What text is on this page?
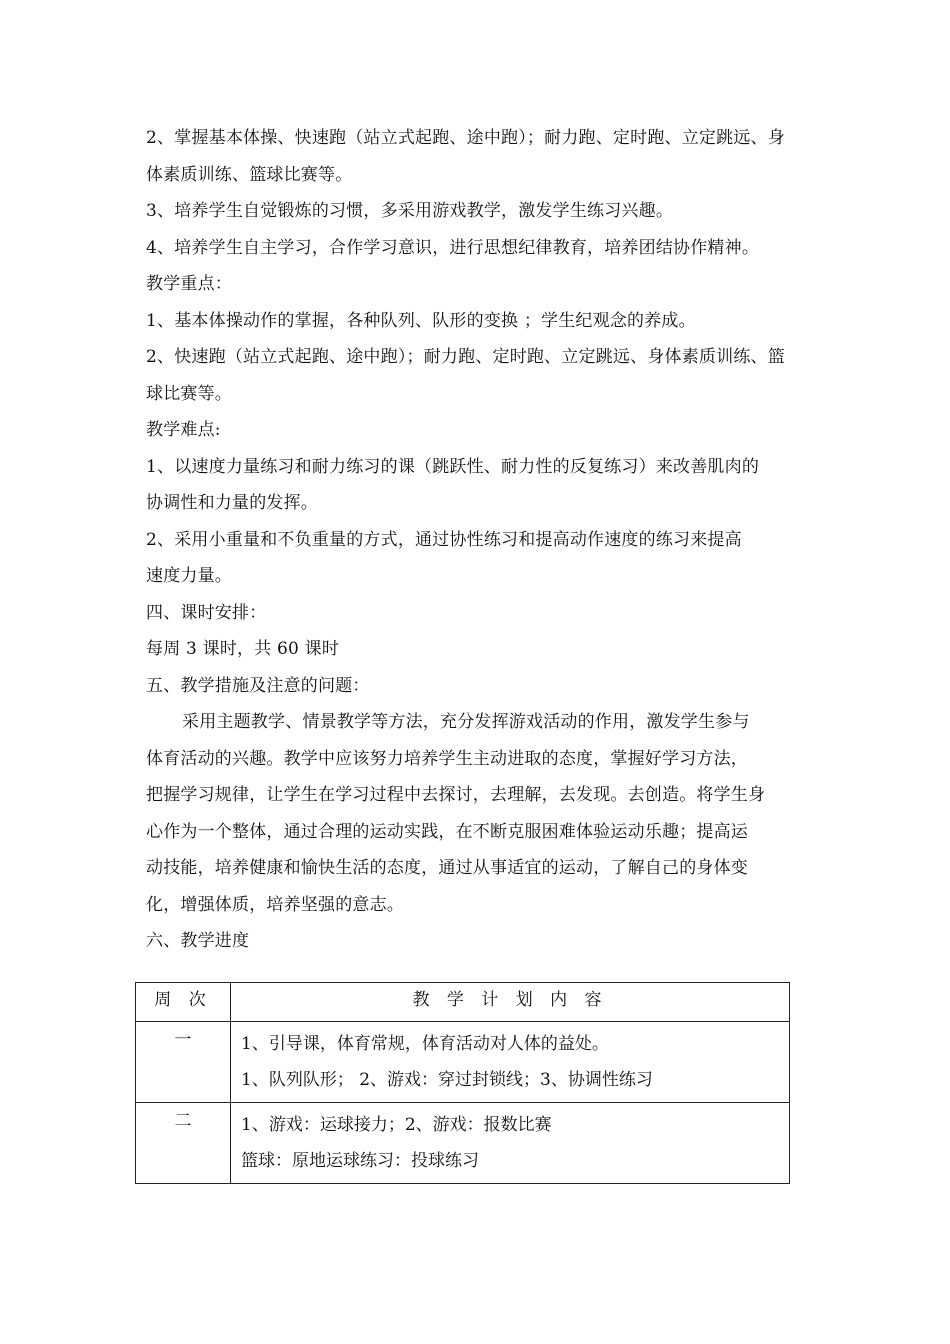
2、掌握基本体操、快速跑（站立式起跑、途中跑）；耐力跑、定时跑、立定跳远、身
体素质训练、篮球比赛等。
3、培养学生自觉锻炼的习惯，多采用游戏教学，激发学生练习兴趣。
4、培养学生自主学习，合作学习意识，进行思想纪律教育，培养团结协作精神。
教学重点：
1、基本体操动作的掌握，各种队列、队形的变换 ；学生纪观念的养成。
2、快速跑（站立式起跑、途中跑）；耐力跑、定时跑、立定跳远、身体素质训练、篮
球比赛等。
教学难点:
1、以速度力量练习和耐力练习的课（跳跃性、耐力性的反复练习）来改善肌肉的
协调性和力量的发挥。
2、采用小重量和不负重量的方式，通过协性练习和提高动作速度的练习来提高
速度力量。
四、课时安排：
每周 3 课时，共 60 课时
五、教学措施及注意的问题：
采用主题教学、情景教学等方法，充分发挥游戏活动的作用，激发学生参与
体育活动的兴趣。教学中应该努力培养学生主动进取的态度，掌握好学习方法，
把握学习规律，让学生在学习过程中去探讨，去理解，去发现。去创造。将学生身
心作为一个整体，通过合理的运动实践，在不断克服困难体验运动乐趣；提高运
动技能，培养健康和愉快生活的态度，通过从事适宜的运动，了解自己的身体变
化，增强体质，培养坚强的意志。
六、教学进度
周 次	教 学 计 划 内 容
一	1、引导课，体育常规，体育活动对人体的益处。
1、队列队形； 2、游戏：穿过封锁线；3、协调性练习

二	1、游戏：运球接力；2、游戏：报数比赛
篮球：原地运球练习：投球练习
